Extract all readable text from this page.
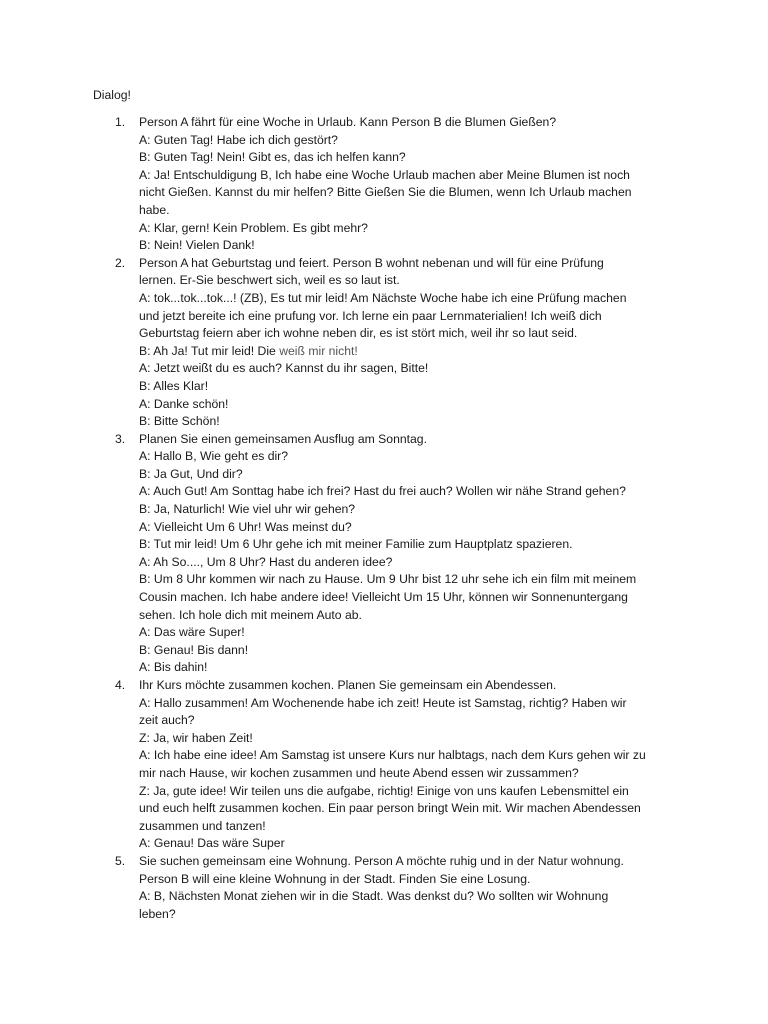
Dialog!
1. Person A fährt für eine Woche in Urlaub. Kann Person B die Blumen Gießen?
A: Guten Tag! Habe ich dich gestört?
B: Guten Tag! Nein! Gibt es, das ich helfen kann?
A: Ja! Entschuldigung B, Ich habe eine Woche Urlaub machen aber Meine Blumen ist noch
nicht Gießen. Kannst du mir helfen? Bitte Gießen Sie die Blumen, wenn Ich Urlaub machen
habe.
A: Klar, gern! Kein Problem. Es gibt mehr?
B: Nein! Vielen Dank!
2. Person A hat Geburtstag und feiert. Person B wohnt nebenan und will für eine Prüfung
lernen. Er-Sie beschwert sich, weil es so laut ist.
A: tok...tok...tok...! (ZB), Es tut mir leid! Am Nächste Woche habe ich eine Prüfung machen
und jetzt bereite ich eine prufung vor. Ich lerne ein paar Lernmaterialien! Ich weiß dich
Geburtstag feiern aber ich wohne neben dir, es ist stört mich, weil ihr so laut seid.
B: Ah Ja! Tut mir leid! Die weiß mir nicht!
A: Jetzt weißt du es auch? Kannst du ihr sagen, Bitte!
B: Alles Klar!
A: Danke schön!
B: Bitte Schön!
3. Planen Sie einen gemeinsamen Ausflug am Sonntag.
A: Hallo B, Wie geht es dir?
B: Ja Gut, Und dir?
A: Auch Gut! Am Sonttag habe ich frei? Hast du frei auch? Wollen wir nähe Strand gehen?
B: Ja, Naturlich! Wie viel uhr wir gehen?
A: Vielleicht Um 6 Uhr! Was meinst du?
B: Tut mir leid! Um 6 Uhr gehe ich mit meiner Familie zum Hauptplatz spazieren.
A: Ah So...., Um 8 Uhr? Hast du anderen idee?
B: Um 8 Uhr kommen wir nach zu Hause. Um 9 Uhr bist 12 uhr sehe ich ein film mit meinem
Cousin machen. Ich habe andere idee! Vielleicht Um 15 Uhr, können wir Sonnenuntergang
sehen. Ich hole dich mit meinem Auto ab.
A: Das wäre Super!
B: Genau! Bis dann!
A: Bis dahin!
4. Ihr Kurs möchte zusammen kochen. Planen Sie gemeinsam ein Abendessen.
A: Hallo zusammen! Am Wochenende habe ich zeit! Heute ist Samstag, richtig? Haben wir
zeit auch?
Z: Ja, wir haben Zeit!
A: Ich habe eine idee! Am Samstag ist unsere Kurs nur halbtags, nach dem Kurs gehen wir zu
mir nach Hause, wir kochen zusammen und heute Abend essen wir zussammen?
Z: Ja, gute idee! Wir teilen uns die aufgabe, richtig! Einige von uns kaufen Lebensmittel ein
und euch helft zusammen kochen. Ein paar person bringt Wein mit. Wir machen Abendessen
zusammen und tanzen!
A: Genau! Das wäre Super
5. Sie suchen gemeinsam eine Wohnung. Person A möchte ruhig und in der Natur wohnung.
Person B will eine kleine Wohnung in der Stadt. Finden Sie eine Losung.
A: B, Nächsten Monat ziehen wir in die Stadt. Was denkst du? Wo sollten wir Wohnung
leben?
